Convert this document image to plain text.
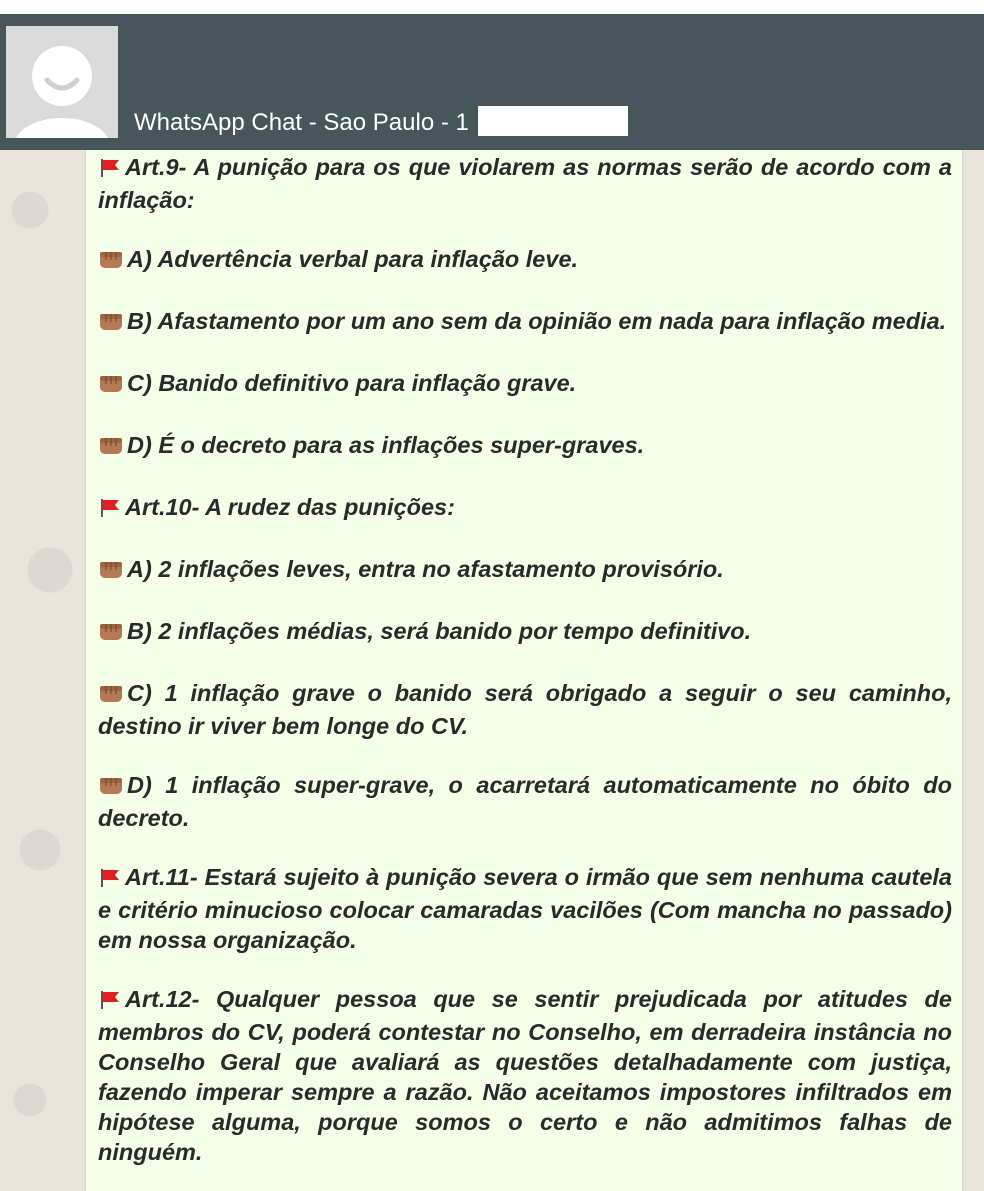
WhatsApp Chat - Sao Paulo - 1

Art.9- A punição para os que violarem as normas serão de acordo com a inflação:

A) Advertência verbal para inflação leve.

B) Afastamento por um ano sem da opinião em nada para inflação media.

C) Banido definitivo para inflação grave.

D) É o decreto para as inflações super-graves.

Art.10- A rudez das punições:

A) 2 inflações leves, entra no afastamento provisório.

B) 2 inflações médias, será banido por tempo definitivo.

C) 1 inflação grave o banido será obrigado a seguir o seu caminho, destino ir viver bem longe do CV.

D) 1 inflação super-grave, o acarretará automaticamente no óbito do decreto.

Art.11- Estará sujeito à punição severa o irmão que sem nenhuma cautela e critério minucioso colocar camaradas vacilões (Com mancha no passado) em nossa organização.

Art.12- Qualquer pessoa que se sentir prejudicada por atitudes de membros do CV, poderá contestar no Conselho, em derradeira instância no Conselho Geral que avaliará as questões detalhadamente com justiça, fazendo imperar sempre a razão. Não aceitamos impostores infiltrados em hipótese alguma, porque somos o certo e não admitimos falhas de ninguém.
